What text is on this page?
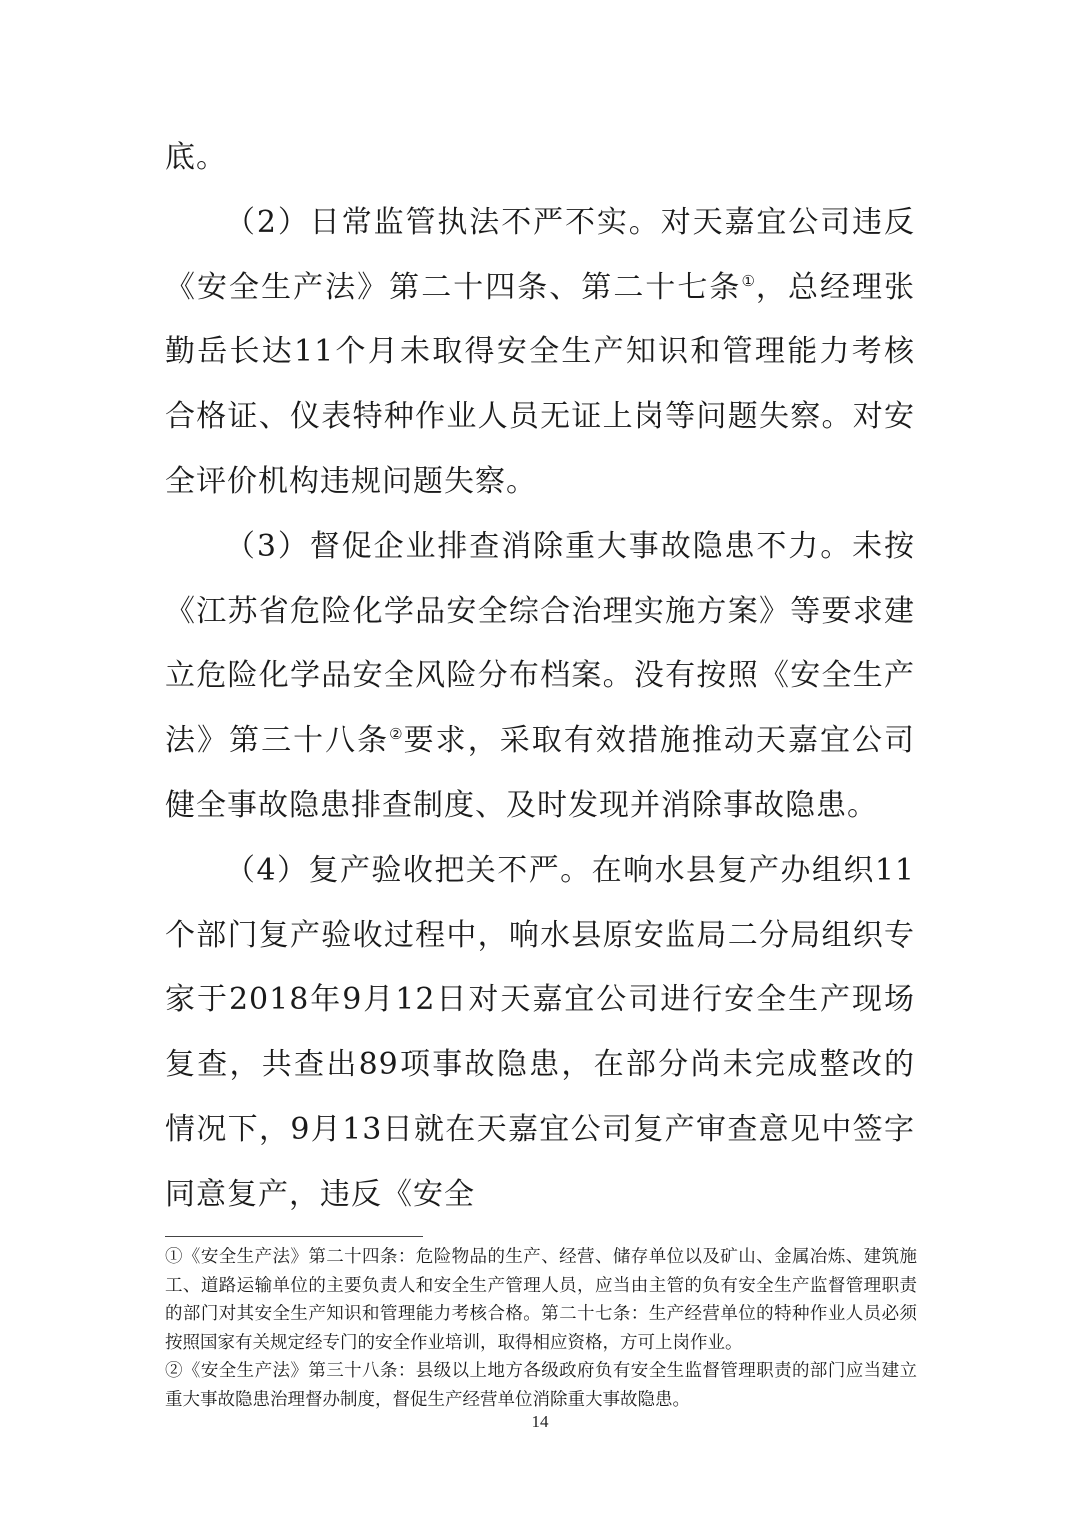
底。

（2）日常监管执法不严不实。对天嘉宜公司违反《安全生产法》第二十四条、第二十七条①，总经理张勤岳长达11个月未取得安全生产知识和管理能力考核合格证、仪表特种作业人员无证上岗等问题失察。对安全评价机构违规问题失察。

（3）督促企业排查消除重大事故隐患不力。未按《江苏省危险化学品安全综合治理实施方案》等要求建立危险化学品安全风险分布档案。没有按照《安全生产法》第三十八条②要求，采取有效措施推动天嘉宜公司健全事故隐患排查制度、及时发现并消除事故隐患。

（4）复产验收把关不严。在响水县复产办组织11个部门复产验收过程中，响水县原安监局二分局组织专家于2018年9月12日对天嘉宜公司进行安全生产现场复查，共查出89项事故隐患，在部分尚未完成整改的情况下，9月13日就在天嘉宜公司复产审查意见中签字同意复产，违反《安全

①《安全生产法》第二十四条：危险物品的生产、经营、储存单位以及矿山、金属冶炼、建筑施工、道路运输单位的主要负责人和安全生产管理人员，应当由主管的负有安全生产监督管理职责的部门对其安全生产知识和管理能力考核合格。第二十七条：生产经营单位的特种作业人员必须按照国家有关规定经专门的安全作业培训，取得相应资格，方可上岗作业。

②《安全生产法》第三十八条：县级以上地方各级政府负有安全生监督管理职责的部门应当建立重大事故隐患治理督办制度，督促生产经营单位消除重大事故隐患。

14
